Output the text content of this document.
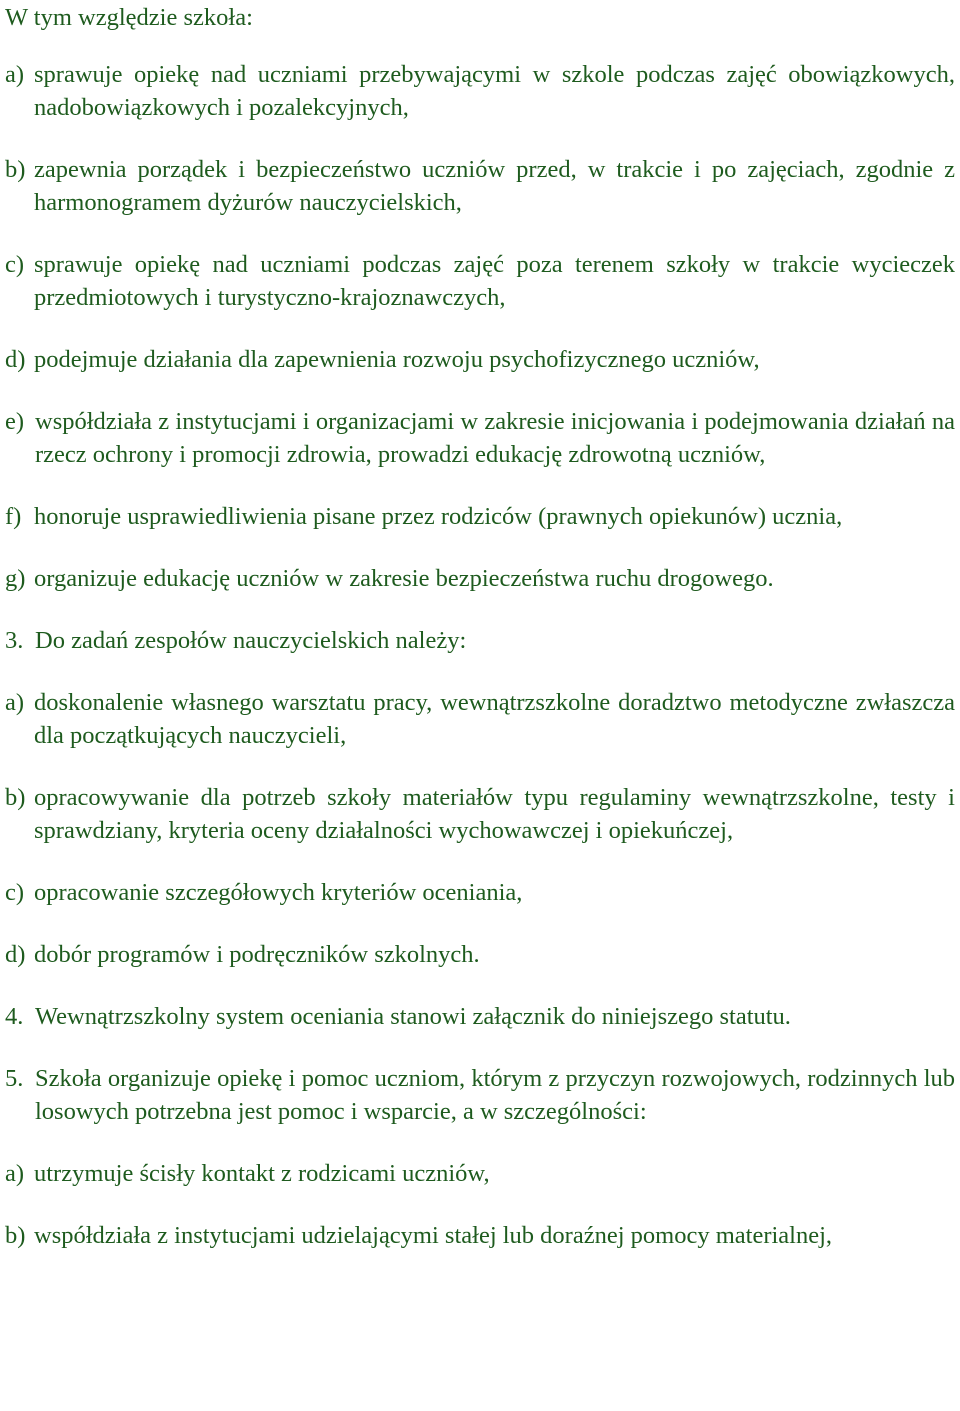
W tym względzie szkoła:

a) sprawuje opiekę nad uczniami przebywającymi w szkole podczas zajęć obowiązkowych, nadobowiązkowych i pozalekcyjnych,
b) zapewnia porządek i bezpieczeństwo uczniów przed, w trakcie i po zajęciach, zgodnie z harmonogramem dyżurów nauczycielskich,
c) sprawuje opiekę nad uczniami podczas zajęć poza terenem szkoły w trakcie wycieczek przedmiotowych i turystyczno-krajoznawczych,
d) podejmuje działania dla zapewnienia rozwoju psychofizycznego uczniów,
e) współdziała z instytucjami i organizacjami w zakresie inicjowania i podejmowania działań na rzecz ochrony i promocji zdrowia, prowadzi edukację zdrowotną uczniów,
f) honoruje usprawiedliwienia pisane przez rodziców (prawnych opiekunów) ucznia,
g) organizuje edukację uczniów w zakresie bezpieczeństwa ruchu drogowego.
3. Do zadań zespołów nauczycielskich należy:
a) doskonalenie własnego warsztatu pracy, wewnątrzszkolne doradztwo metodyczne zwłaszcza dla początkujących nauczycieli,
b) opracowywanie dla potrzeb szkoły materiałów typu regulaminy wewnątrzszkolne, testy i sprawdziany, kryteria oceny działalności wychowawczej i opiekuńczej,
c) opracowanie szczegółowych kryteriów oceniania,
d) dobór programów i podręczników szkolnych.
4. Wewnątrzszkolny system oceniania stanowi załącznik do niniejszego statutu.
5. Szkoła organizuje opiekę i pomoc uczniom, którym z przyczyn rozwojowych, rodzinnych lub losowych potrzebna jest pomoc i wsparcie, a w szczególności:
a) utrzymuje ścisły kontakt z rodzicami uczniów,
b) współdziała z instytucjami udzielającymi stałej lub doraźnej pomocy materialnej,
